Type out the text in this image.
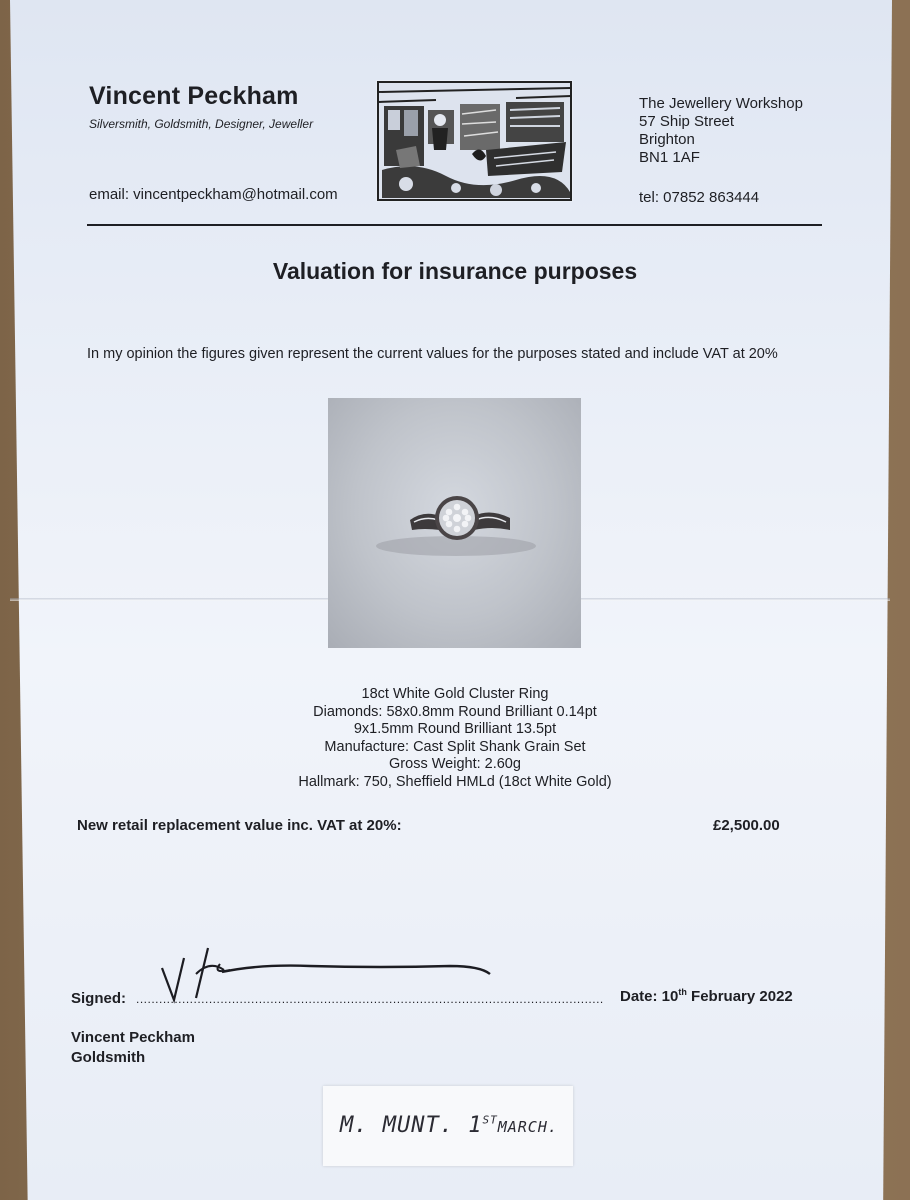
Vincent Peckham
Silversmith, Goldsmith, Designer, Jeweller
email: vincentpeckham@hotmail.com
The Jewellery Workshop
57 Ship Street
Brighton
BN1 1AF
tel: 07852 863444
Valuation for insurance purposes
In my opinion the figures given represent the current values for the purposes stated and include VAT at 20%
18ct White Gold Cluster Ring
Diamonds: 58x0.8mm Round Brilliant 0.14pt
9x1.5mm Round Brilliant 13.5pt
Manufacture: Cast Split Shank Grain Set
Gross Weight: 2.60g
Hallmark: 750, Sheffield HMLd (18ct White Gold)
New retail replacement value inc. VAT at 20%:	£2,500.00
Signed: .......................................................................................................................... Date: 10th February 2022
Vincent Peckham
Goldsmith
M. MUNT. 1STMARCH.
